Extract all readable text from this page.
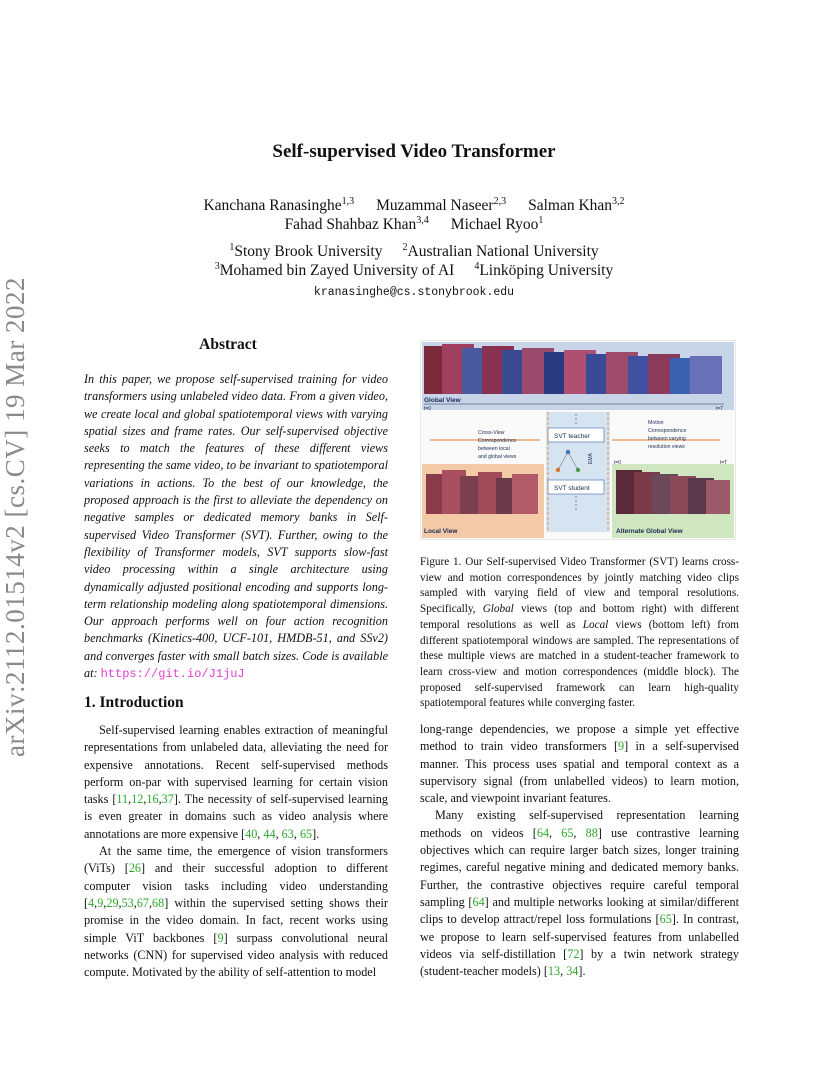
arXiv:2112.01514v2 [cs.CV] 19 Mar 2022
Self-supervised Video Transformer
Kanchana Ranasinghe$^{1,3}$ Muzammal Naseer$^{2,3}$ Salman Khan$^{3,2}$
Fahad Shahbaz Khan$^{3,4}$ Michael Ryoo$^1$
$^1$Stony Brook University $^2$Australian National University
$^3$Mohamed bin Zayed University of AI $^4$Linköping University
kranasinghe@cs.stonybrook.edu
Abstract
In this paper, we propose self-supervised training for video transformers using unlabeled video data. From a given video, we create local and global spatiotemporal views with varying spatial sizes and frame rates. Our self-supervised objective seeks to match the features of these different views representing the same video, to be invariant to spatiotemporal variations in actions. To the best of our knowledge, the proposed approach is the first to alleviate the dependency on negative samples or dedicated memory banks in Self-supervised Video Transformer (SVT). Further, owing to the flexibility of Transformer models, SVT supports slow-fast video processing within a single architecture using dynamically adjusted positional encoding and supports long-term relationship modeling along spatiotemporal dimensions. Our approach performs well on four action recognition benchmarks (Kinetics-400, UCF-101, HMDB-51, and SSv2) and converges faster with small batch sizes. Code is available at: https://git.io/J1juJ
Global View
t=0	t=T
SVT teacher
SVT student
EMA
Cross-View
Correspondence
between local
and global views
Motion
Correspondence
between varying
resolution views
Local View
t=0	t=T
Alternate Global View
Figure 1. Our Self-supervised Video Transformer (SVT) learns cross-view and motion correspondences by jointly matching video clips sampled with varying field of view and temporal resolutions. Specifically, Global views (top and bottom right) with different temporal resolutions as well as Local views (bottom left) from different spatiotemporal windows are sampled. The representations of these multiple views are matched in a student-teacher framework to learn cross-view and motion correspondences (middle block). The proposed self-supervised framework can learn high-quality spatiotemporal features while converging faster.
1. Introduction

Self-supervised learning enables extraction of meaningful representations from unlabeled data, alleviating the need for expensive annotations. Recent self-supervised methods perform on-par with supervised learning for certain vision tasks [11,12,16,37]. The necessity of self-supervised learning is even greater in domains such as video analysis where annotations are more expensive [40, 44, 63, 65].

At the same time, the emergence of vision transformers (ViTs) [26] and their successful adoption to different computer vision tasks including video understanding [4,9,29,53,67,68] within the supervised setting shows their promise in the video domain. In fact, recent works using simple ViT backbones [9] surpass convolutional neural networks (CNN) for supervised video analysis with reduced compute. Motivated by the ability of self-attention to model

long-range dependencies, we propose a simple yet effective method to train video transformers [9] in a self-supervised manner. This process uses spatial and temporal context as a supervisory signal (from unlabelled videos) to learn motion, scale, and viewpoint invariant features.

Many existing self-supervised representation learning methods on videos [64, 65, 88] use contrastive learning objectives which can require larger batch sizes, longer training regimes, careful negative mining and dedicated memory banks. Further, the contrastive objectives require careful temporal sampling [64] and multiple networks looking at similar/different clips to develop attract/repel loss formulations [65]. In contrast, we propose to learn self-supervised features from unlabelled videos via self-distillation [72] by a twin network strategy (student-teacher models) [13, 34].
